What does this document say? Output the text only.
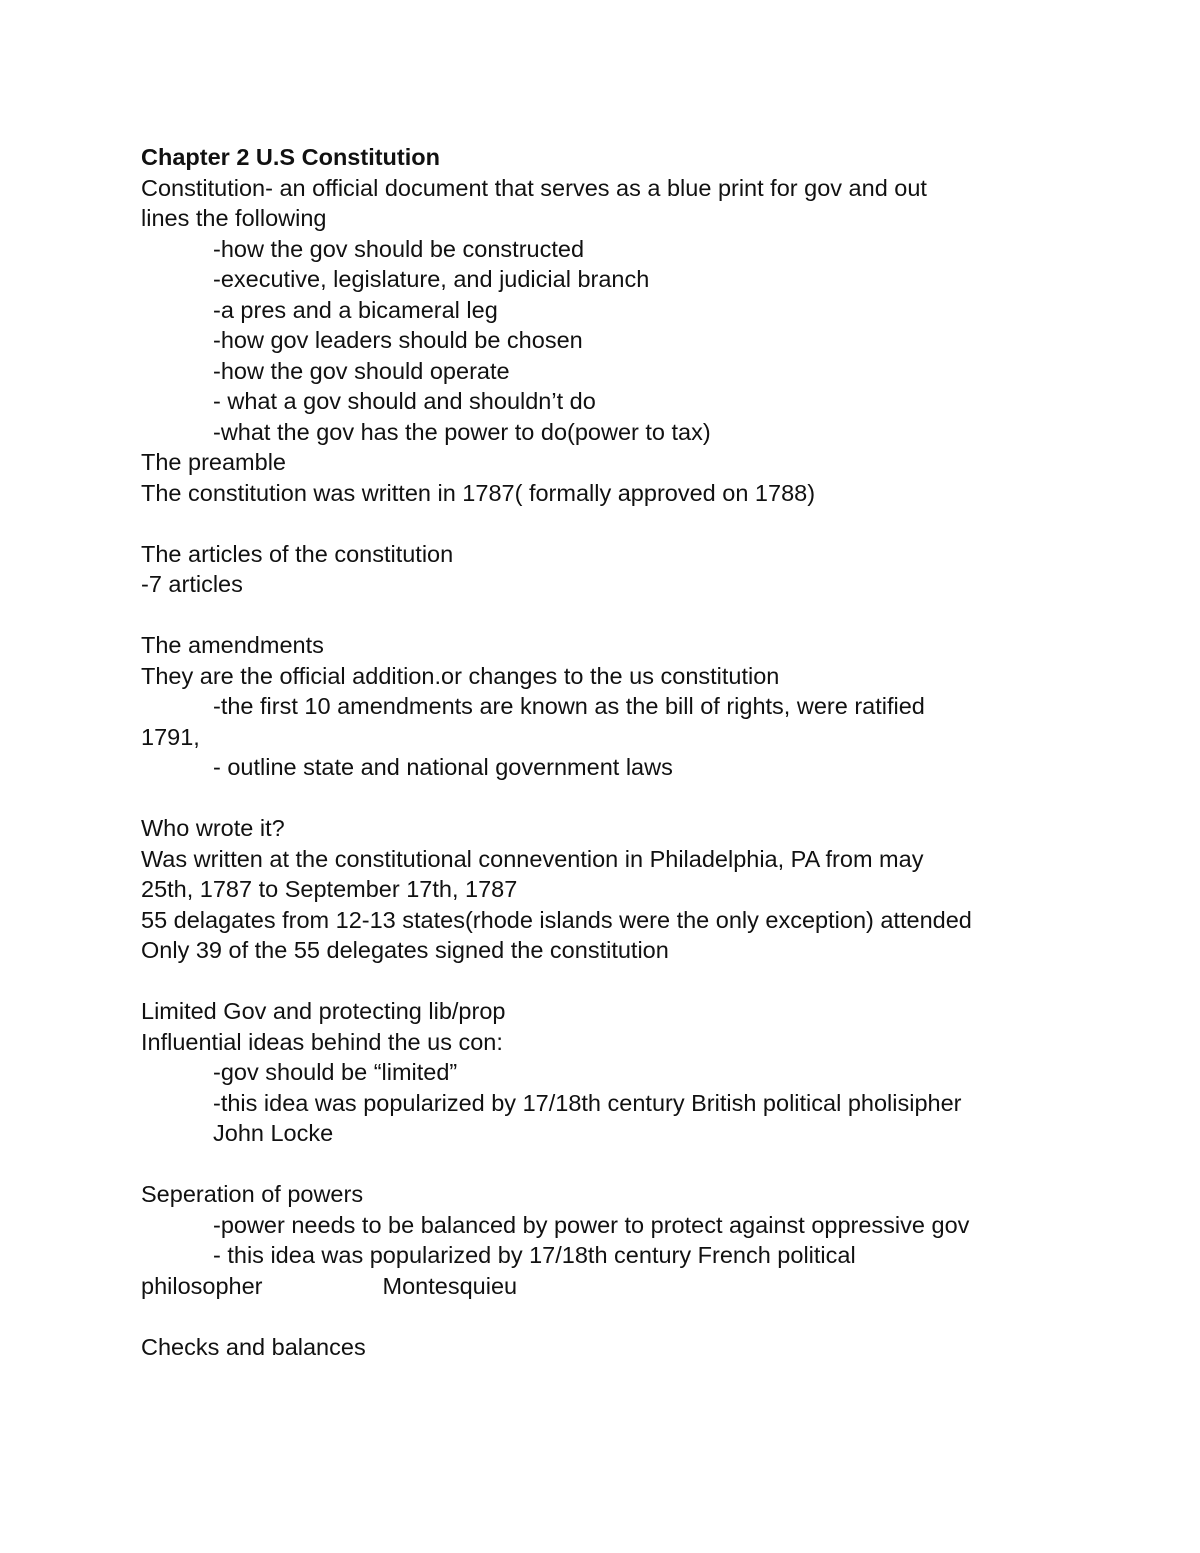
Chapter 2 U.S Constitution
Constitution- an official document that serves as a blue print for gov and out
lines the following
-how the gov should be constructed
-executive, legislature, and judicial branch
-a pres and a bicameral leg
-how gov leaders should be chosen
-how the gov should operate
- what a gov should and shouldn’t do
-what the gov has the power to do(power to tax)
The preamble
The constitution was written in 1787( formally approved on 1788)
The articles of the constitution
-7 articles
The amendments
They are the official addition.or changes to the us constitution
-the first 10 amendments are known as the bill of rights, were ratified
1791,
- outline state and national government laws
Who wrote it?
Was written at the constitutional connevention in Philadelphia, PA from may
25th, 1787 to September 17th, 1787
55 delagates from 12-13 states(rhode islands were the only exception) attended
Only 39 of the 55 delegates signed the constitution
Limited Gov and protecting lib/prop
Influential ideas behind the us con:
-gov should be “limited”
-this idea was popularized by 17/18th century British political pholisipher
John Locke
Seperation of powers
-power needs to be balanced by power to protect against oppressive gov
- this idea was popularized by 17/18th century French political
philosopher	Montesquieu
Checks and balances
